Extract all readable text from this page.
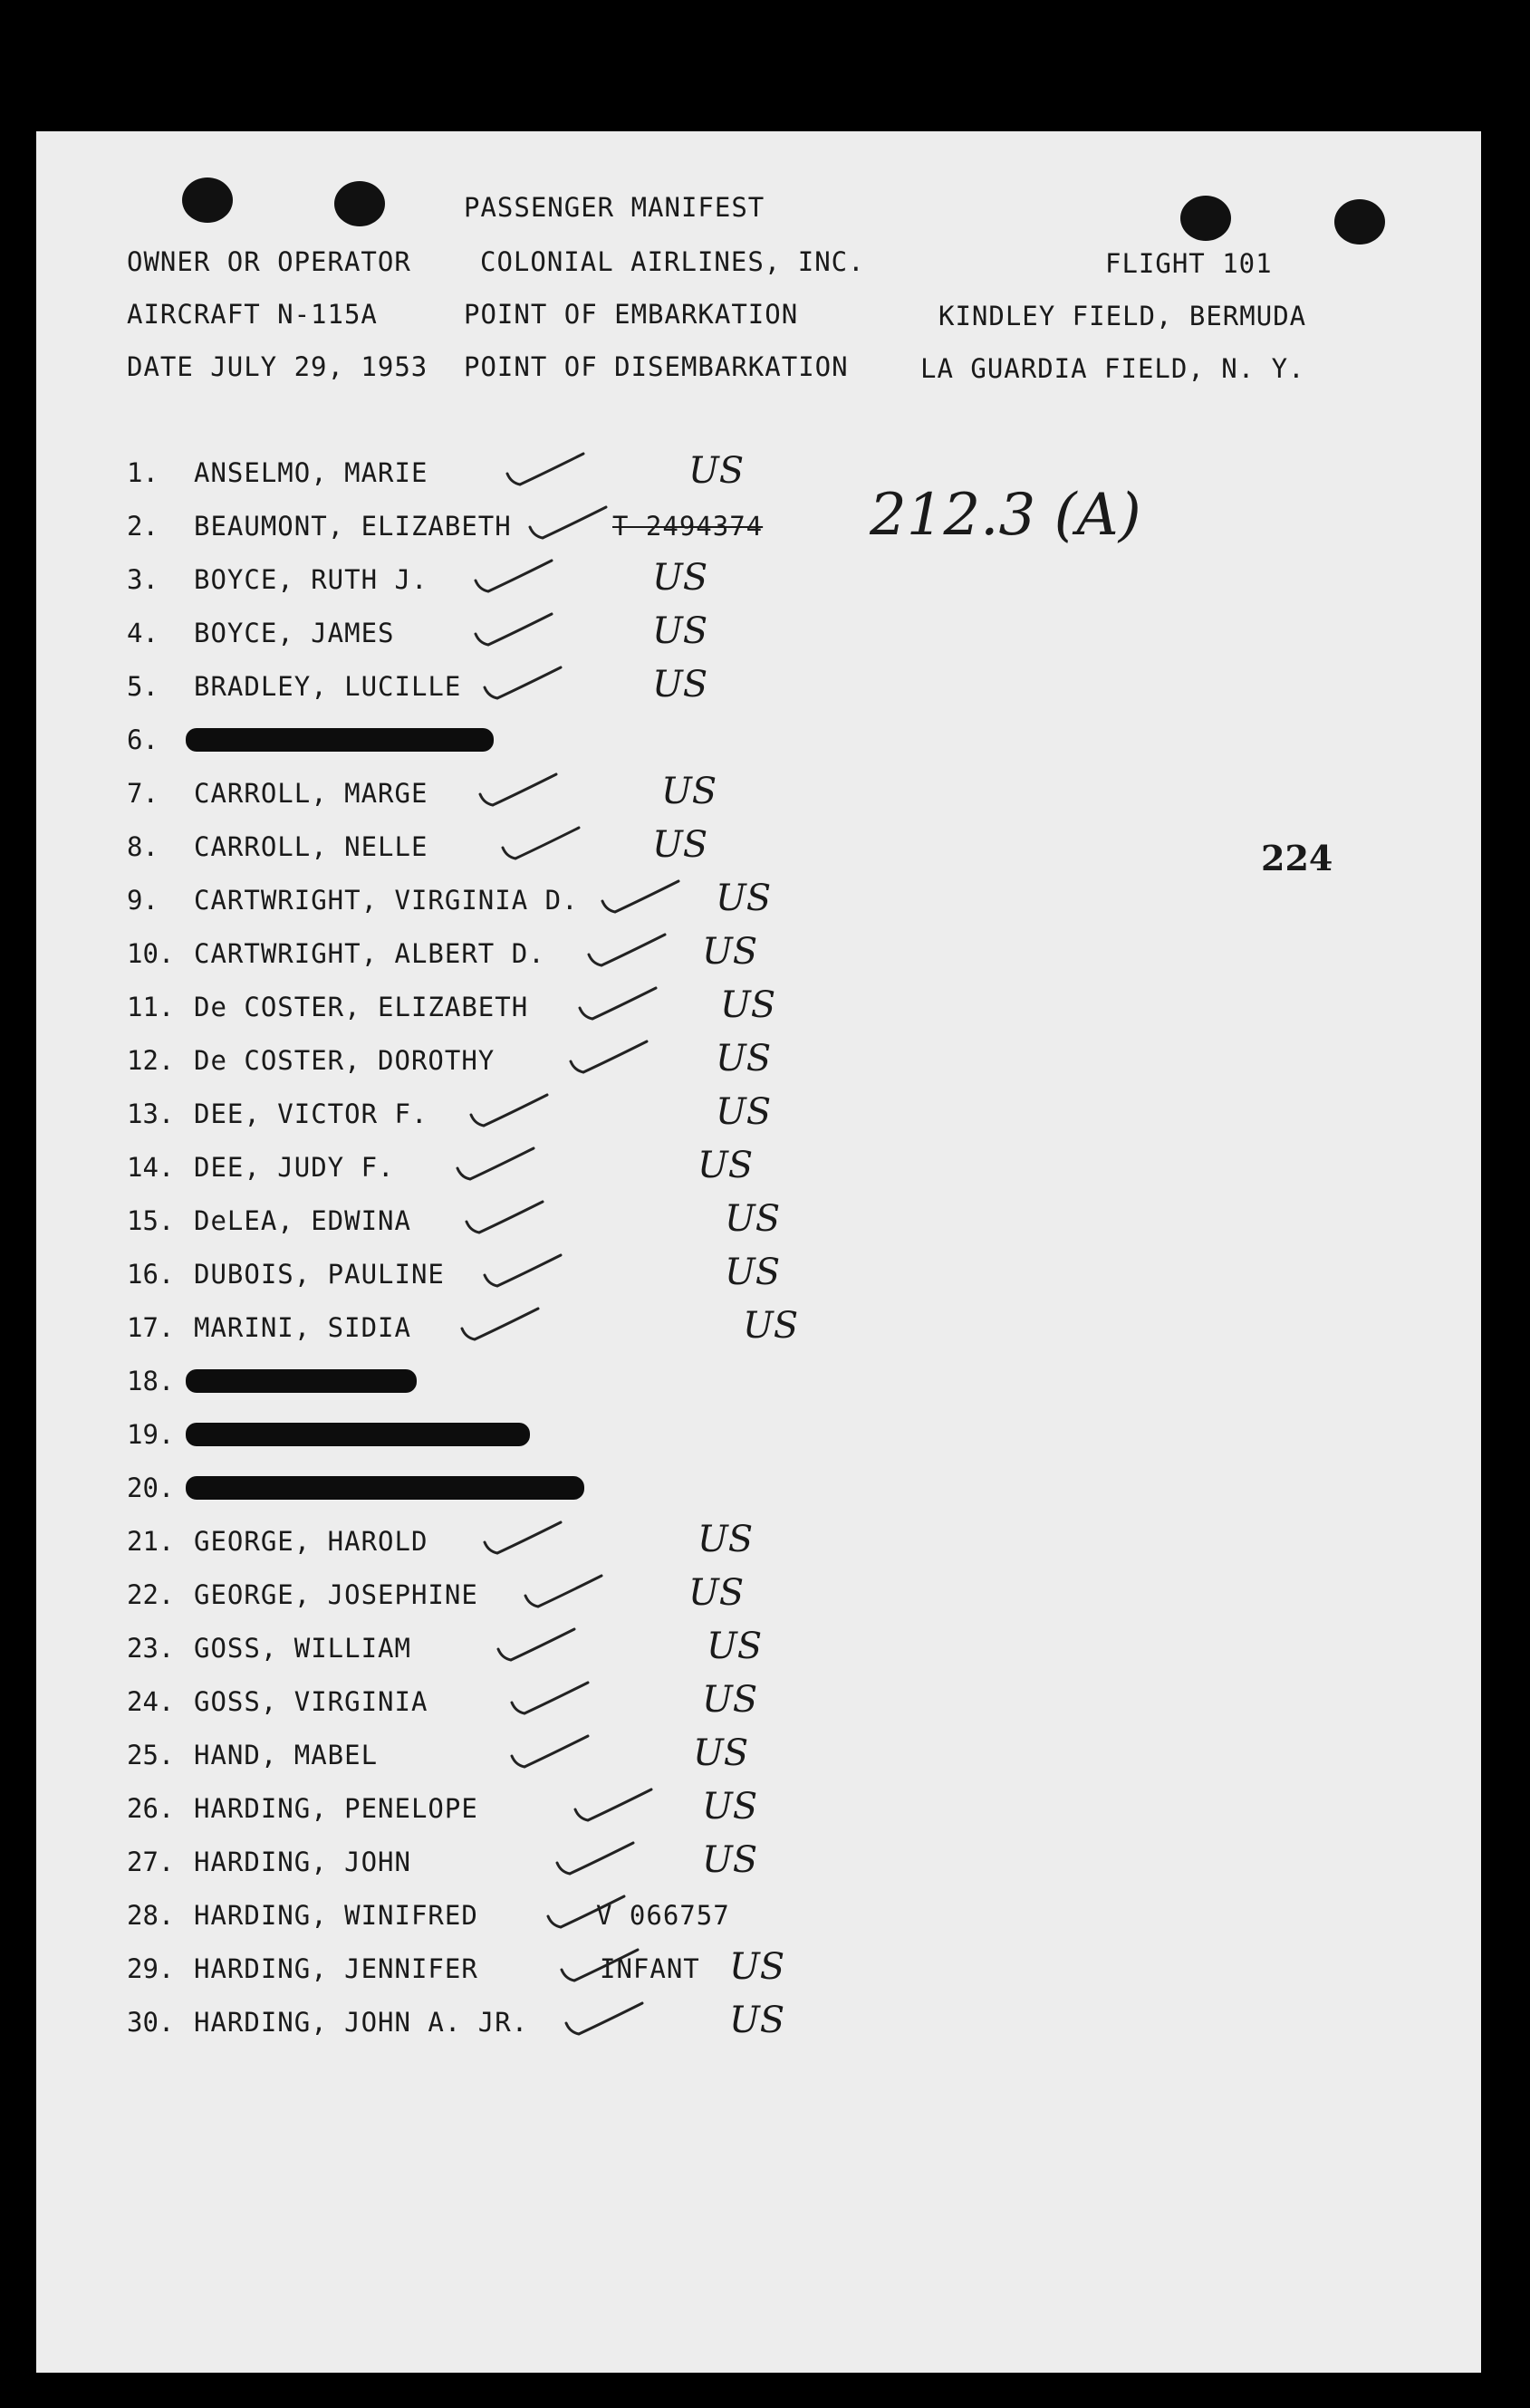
PASSENGER MANIFEST
OWNER OR OPERATOR	COLONIAL AIRLINES, INC.	FLIGHT 101
AIRCRAFT N-115A	POINT OF EMBARKATION	KINDLEY FIELD, BERMUDA
DATE JULY 29, 1953 POINT OF DISEMBARKATION	LA GUARDIA FIELD, N. Y.
212.3 (A)
224
1. ANSELMO, MARIE	US
2. BEAUMONT, ELIZABETH	T 2494374
3. BOYCE, RUTH J.	US
4. BOYCE, JAMES	US
5. BRADLEY, LUCILLE	US
6.
7. CARROLL, MARGE	US
8. CARROLL, NELLE	US
9. CARTWRIGHT, VIRGINIA D.	US
10. CARTWRIGHT, ALBERT D.	US
11. De COSTER, ELIZABETH	US
12. De COSTER, DOROTHY	US
13. DEE, VICTOR F.	US
14. DEE, JUDY F.	US
15. DeLEA, EDWINA	US
16. DUBOIS, PAULINE	US
17. MARINI, SIDIA	US
18.
19.
20.
21. GEORGE, HAROLD	US
22. GEORGE, JOSEPHINE	US
23. GOSS, WILLIAM	US
24. GOSS, VIRGINIA	US
25. HAND, MABEL	US
26. HARDING, PENELOPE	US
27. HARDING, JOHN	US
28. HARDING, WINIFRED	V 066757
29. HARDING, JENNIFER	INFANT US
30. HARDING, JOHN A. JR.	US
